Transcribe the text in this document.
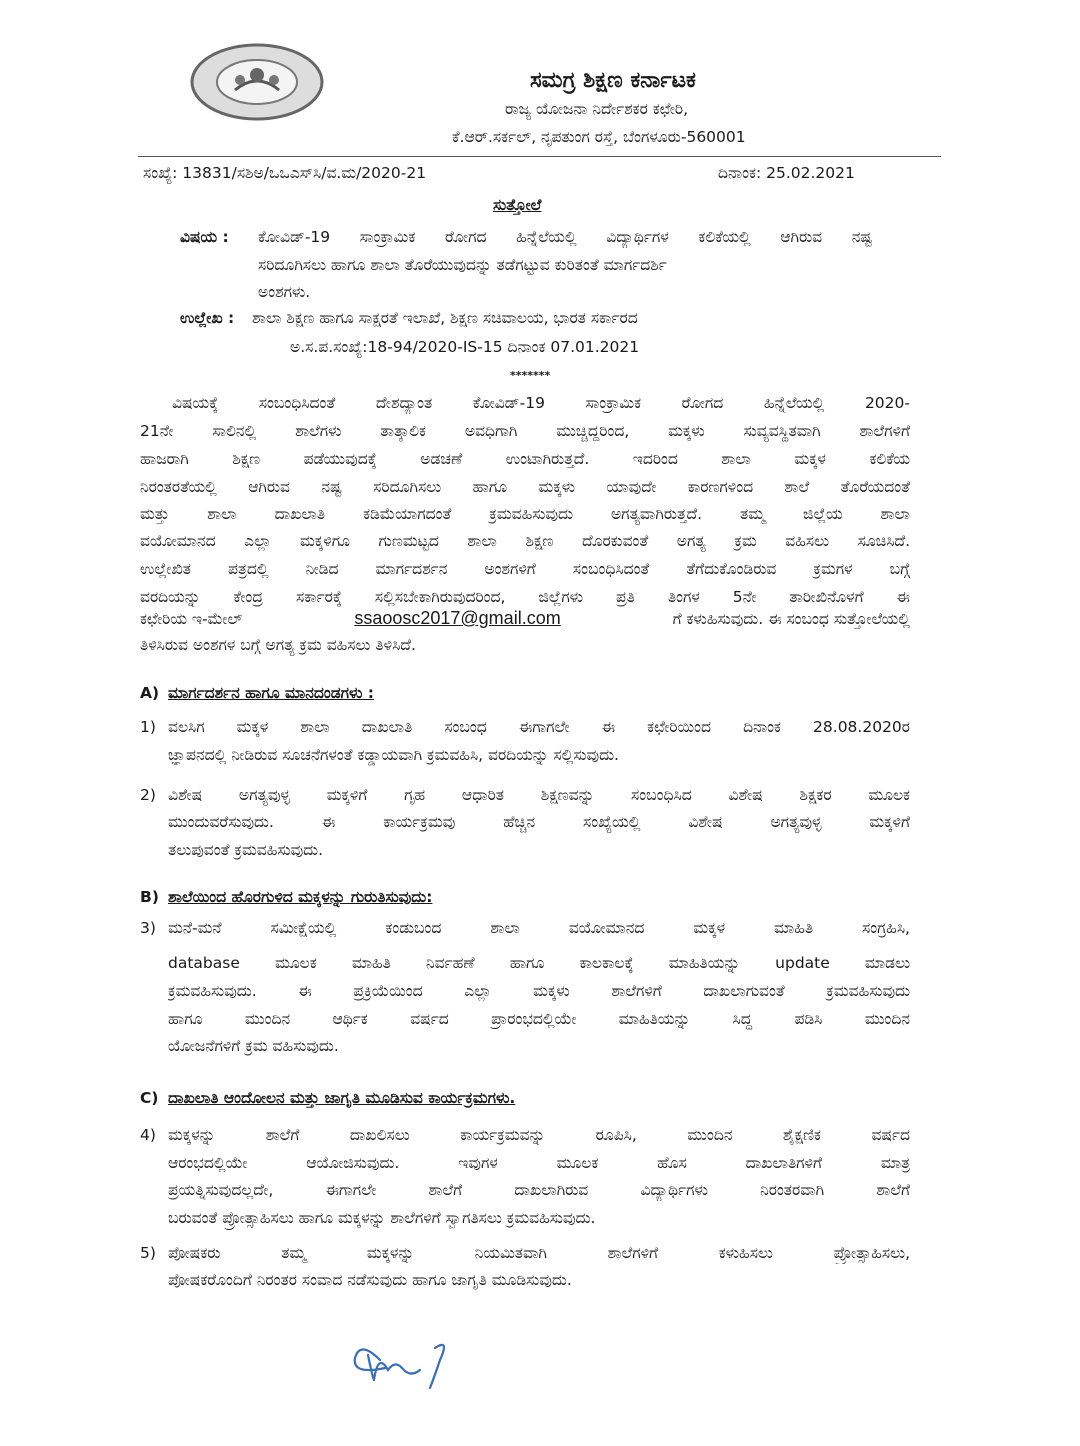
ಸಮಗ್ರ ಶಿಕ್ಷಣ ಕರ್ನಾಟಕ
ರಾಜ್ಯ ಯೋಜನಾ ನಿರ್ದೇಶಕರ ಕಛೇರಿ,
ಕೆ.ಆರ್.ಸರ್ಕಲ್, ನೃಪತುಂಗ ರಸ್ತೆ, ಬೆಂಗಳೂರು-560001
ಸಂಖ್ಯೆ: 13831/ಸಶಿಅ/ಒಒಎಸ್‌ಸಿ/ವ.ಮ/2020-21	ದಿನಾಂಕ: 25.02.2021
ಸುತ್ತೋಲೆ
ವಿಷಯ : ಕೋವಿಡ್-19 ಸಾಂಕ್ರಾಮಿಕ ರೋಗದ ಹಿನ್ನೆಲೆಯಲ್ಲಿ ವಿದ್ಯಾರ್ಥಿಗಳ ಕಲಿಕೆಯಲ್ಲಿ ಆಗಿರುವ ನಷ್ಟ
ಸರಿದೂಗಿಸಲು ಹಾಗೂ ಶಾಲಾ ತೊರೆಯುವುದನ್ನು ತಡೆಗಟ್ಟುವ ಕುರಿತಂತೆ ಮಾರ್ಗದರ್ಶಿ
ಅಂಶಗಳು.
ಉಲ್ಲೇಖ : ಶಾಲಾ ಶಿಕ್ಷಣ ಹಾಗೂ ಸಾಕ್ಷರತೆ ಇಲಾಖೆ, ಶಿಕ್ಷಣ ಸಚಿವಾಲಯ, ಭಾರತ ಸರ್ಕಾರದ
ಅ.ಸ.ಪ.ಸಂಖ್ಯೆ:18-94/2020-IS-15 ದಿನಾಂಕ 07.01.2021
*******
ವಿಷಯಕ್ಕೆ ಸಂಬಂಧಿಸಿದಂತೆ ದೇಶದ್ಯಾಂತ ಕೋವಿಡ್-19 ಸಾಂಕ್ರಾಮಿಕ ರೋಗದ ಹಿನ್ನೆಲೆಯಲ್ಲಿ 2020-
21ನೇ ಸಾಲಿನಲ್ಲಿ ಶಾಲೆಗಳು ತಾತ್ಕಾಲಿಕ ಅವಧಿಗಾಗಿ ಮುಚ್ಚಿದ್ದರಿಂದ, ಮಕ್ಕಳು ಸುವ್ಯವಸ್ಥಿತವಾಗಿ ಶಾಲೆಗಳಿಗೆ
ಹಾಜರಾಗಿ ಶಿಕ್ಷಣ ಪಡೆಯುವುದಕ್ಕೆ ಅಡಚಣೆ ಉಂಟಾಗಿರುತ್ತದೆ. ಇದರಿಂದ ಶಾಲಾ ಮಕ್ಕಳ ಕಲಿಕೆಯ
ನಿರಂತರತೆಯಲ್ಲಿ ಆಗಿರುವ ನಷ್ಟ ಸರಿದೂಗಿಸಲು ಹಾಗೂ ಮಕ್ಕಳು ಯಾವುದೇ ಕಾರಣಗಳಿಂದ ಶಾಲೆ ತೊರೆಯದಂತೆ
ಮತ್ತು ಶಾಲಾ ದಾಖಲಾತಿ ಕಡಿಮೆಯಾಗದಂತೆ ಕ್ರಮವಹಿಸುವುದು ಅಗತ್ಯವಾಗಿರುತ್ತದೆ. ತಮ್ಮ ಜಿಲ್ಲೆಯ ಶಾಲಾ
ವಯೋಮಾನದ ಎಲ್ಲಾ ಮಕ್ಕಳಿಗೂ ಗುಣಮಟ್ಟದ ಶಾಲಾ ಶಿಕ್ಷಣ ದೊರಕುವಂತೆ ಅಗತ್ಯ ಕ್ರಮ ವಹಿಸಲು ಸೂಚಿಸಿದೆ.
ಉಲ್ಲೇಖಿತ ಪತ್ರದಲ್ಲಿ ನೀಡಿದ ಮಾರ್ಗದರ್ಶನ ಅಂಶಗಳಿಗೆ ಸಂಬಂಧಿಸಿದಂತೆ ತೆಗೆದುಕೊಂಡಿರುವ ಕ್ರಮಗಳ ಬಗ್ಗೆ
ವರದಿಯನ್ನು ಕೇಂದ್ರ ಸರ್ಕಾರಕ್ಕೆ ಸಲ್ಲಿಸಬೇಕಾಗಿರುವುದರಿಂದ, ಜಿಲ್ಲೆಗಳು ಪ್ರತಿ ತಿಂಗಳ 5ನೇ ತಾರೀಖಿನೊಳಗೆ ಈ
ಕಛೇರಿಯ ಇ-ಮೇಲ್	ssaoosc2017@gmail.com	ಗೆ ಕಳುಹಿಸುವುದು. ಈ ಸಂಬಂಧ ಸುತ್ತೋಲೆಯಲ್ಲಿ
ತಿಳಿಸಿರುವ ಅಂಶಗಳ ಬಗ್ಗೆ ಅಗತ್ಯ ಕ್ರಮ ವಹಿಸಲು ತಿಳಿಸಿದೆ.
A) ಮಾರ್ಗದರ್ಶನ ಹಾಗೂ ಮಾನದಂಡಗಳು :
1) ವಲಸಿಗ ಮಕ್ಕಳ ಶಾಲಾ ದಾಖಲಾತಿ ಸಂಬಂಧ ಈಗಾಗಲೇ ಈ ಕಛೇರಿಯಿಂದ ದಿನಾಂಕ 28.08.2020ರ
ಜ್ಞಾಪನದಲ್ಲಿ ನೀಡಿರುವ ಸೂಚನೆಗಳಂತೆ ಕಡ್ಡಾಯವಾಗಿ ಕ್ರಮವಹಿಸಿ, ವರದಿಯನ್ನು ಸಲ್ಲಿಸುವುದು.
2) ವಿಶೇಷ ಅಗತ್ಯವುಳ್ಳ ಮಕ್ಕಳಿಗೆ ಗೃಹ ಆಧಾರಿತ ಶಿಕ್ಷಣವನ್ನು ಸಂಬಂಧಿಸಿದ ವಿಶೇಷ ಶಿಕ್ಷಕರ ಮೂಲಕ
ಮುಂದುವರೆಸುವುದು. ಈ ಕಾರ್ಯಕ್ರಮವು ಹೆಚ್ಚಿನ ಸಂಖ್ಯೆಯಲ್ಲಿ ವಿಶೇಷ ಅಗತ್ಯವುಳ್ಳ ಮಕ್ಕಳಿಗೆ
ತಲುಪುವಂತೆ ಕ್ರಮವಹಿಸುವುದು.
B) ಶಾಲೆಯಿಂದ ಹೊರಗುಳಿದ ಮಕ್ಕಳನ್ನು ಗುರುತಿಸುವುದು:
3) ಮನೆ-ಮನೆ ಸಮೀಕ್ಷೆಯಲ್ಲಿ ಕಂಡುಬಂದ ಶಾಲಾ ವಯೋಮಾನದ ಮಕ್ಕಳ ಮಾಹಿತಿ ಸಂಗ್ರಹಿಸಿ,
database ಮೂಲಕ ಮಾಹಿತಿ ನಿರ್ವಹಣೆ ಹಾಗೂ ಕಾಲಕಾಲಕ್ಕೆ ಮಾಹಿತಿಯನ್ನು update ಮಾಡಲು
ಕ್ರಮವಹಿಸುವುದು. ಈ ಪ್ರಕ್ರಿಯೆಯಿಂದ ಎಲ್ಲಾ ಮಕ್ಕಳು ಶಾಲೆಗಳಿಗೆ ದಾಖಲಾಗುವಂತೆ ಕ್ರಮವಹಿಸುವುದು
ಹಾಗೂ ಮುಂದಿನ ಆರ್ಥಿಕ ವರ್ಷದ ಪ್ರಾರಂಭದಲ್ಲಿಯೇ ಮಾಹಿತಿಯನ್ನು ಸಿದ್ಧ ಪಡಿಸಿ ಮುಂದಿನ
ಯೋಜನೆಗಳಿಗೆ ಕ್ರಮ ವಹಿಸುವುದು.
C) ದಾಖಲಾತಿ ಆಂದೋಲನ ಮತ್ತು ಜಾಗೃತಿ ಮೂಡಿಸುವ ಕಾರ್ಯಕ್ರಮಗಳು.
4) ಮಕ್ಕಳನ್ನು ಶಾಲೆಗೆ ದಾಖಲಿಸಲು ಕಾರ್ಯಕ್ರಮವನ್ನು ರೂಪಿಸಿ, ಮುಂದಿನ ಶೈಕ್ಷಣಿಕ ವರ್ಷದ
ಆರಂಭದಲ್ಲಿಯೇ ಆಯೋಜಿಸುವುದು. ಇವುಗಳ ಮೂಲಕ ಹೊಸ ದಾಖಲಾತಿಗಳಿಗೆ ಮಾತ್ರ
ಪ್ರಯತ್ನಿಸುವುದಲ್ಲದೇ, ಈಗಾಗಲೇ ಶಾಲೆಗೆ ದಾಖಲಾಗಿರುವ ವಿದ್ಯಾರ್ಥಿಗಳು ನಿರಂತರವಾಗಿ ಶಾಲೆಗೆ
ಬರುವಂತೆ ಪ್ರೋತ್ಸಾಹಿಸಲು ಹಾಗೂ ಮಕ್ಕಳನ್ನು ಶಾಲೆಗಳಿಗೆ ಸ್ವಾಗತಿಸಲು ಕ್ರಮವಹಿಸುವುದು.
5) ಪೋಷಕರು ತಮ್ಮ ಮಕ್ಕಳನ್ನು ನಿಯಮಿತವಾಗಿ ಶಾಲೆಗಳಿಗೆ ಕಳುಹಿಸಲು ಪ್ರೋತ್ಸಾಹಿಸಲು,
ಪೋಷಕರೊಂದಿಗೆ ನಿರಂತರ ಸಂವಾದ ನಡೆಸುವುದು ಹಾಗೂ ಜಾಗೃತಿ ಮೂಡಿಸುವುದು.
